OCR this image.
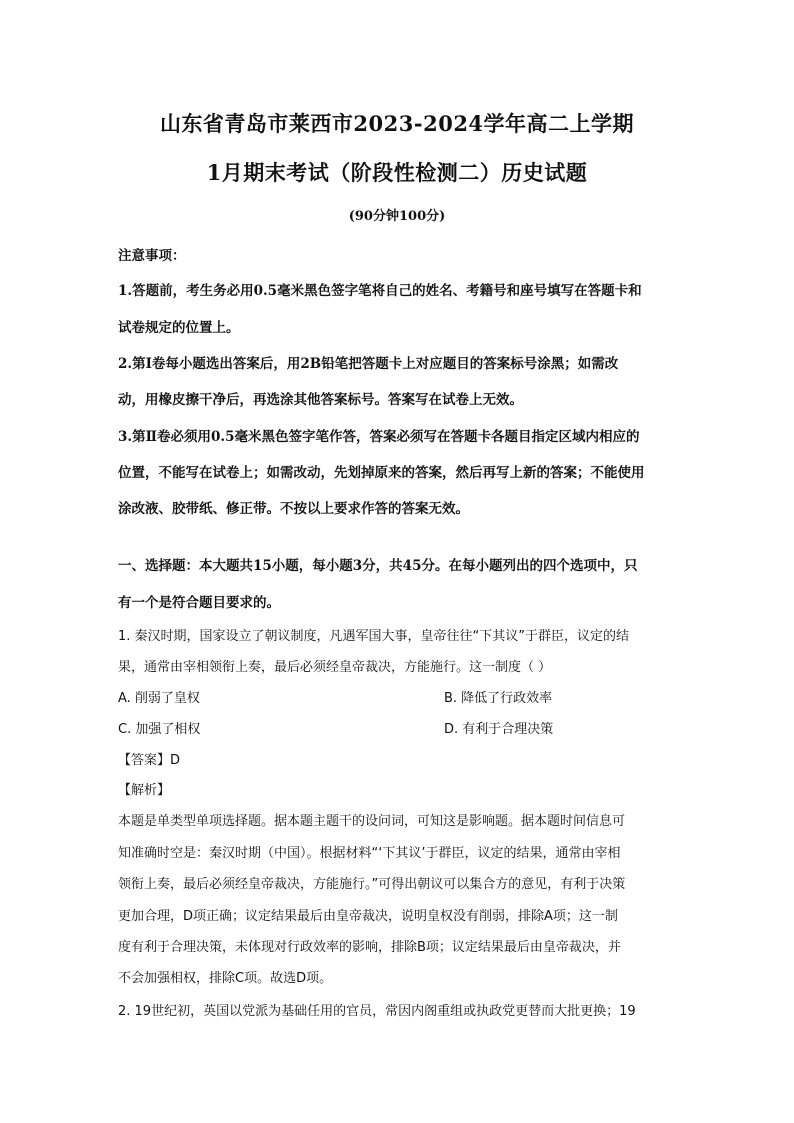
山东省青岛市莱西市2023-2024学年高二上学期
1月期末考试（阶段性检测二）历史试题
(90分钟100分)
注意事项：
1.答题前，考生务必用0.5毫米黑色签字笔将自己的姓名、考籍号和座号填写在答题卡和
试卷规定的位置上。
2.第Ⅰ卷每小题选出答案后，用2B铅笔把答题卡上对应题目的答案标号涂黑；如需改
动，用橡皮擦干净后，再选涂其他答案标号。答案写在试卷上无效。
3.第Ⅱ卷必须用0.5毫米黑色签字笔作答，答案必须写在答题卡各题目指定区域内相应的
位置，不能写在试卷上；如需改动，先划掉原来的答案，然后再写上新的答案；不能使用
涂改液、胶带纸、修正带。不按以上要求作答的答案无效。
一、选择题：本大题共15小题，每小题3分，共45分。在每小题列出的四个选项中，只
有一个是符合题目要求的。
1. 秦汉时期，国家设立了朝议制度，凡遇军国大事，皇帝往往“下其议”于群臣，议定的结
果，通常由宰相领衔上奏，最后必须经皇帝裁决，方能施行。这一制度（ ）
A. 削弱了皇权	B. 降低了行政效率
C. 加强了相权	D. 有利于合理决策
【答案】D
【解析】
本题是单类型单项选择题。据本题主题干的设问词，可知这是影响题。据本题时间信息可
知准确时空是：秦汉时期（中国）。根据材料“‘下其议’于群臣，议定的结果，通常由宰相
领衔上奏，最后必须经皇帝裁决，方能施行。”可得出朝议可以集合方的意见，有利于决策
更加合理，D项正确；议定结果最后由皇帝裁决，说明皇权没有削弱，排除A项；这一制
度有利于合理决策，未体现对行政效率的影响，排除B项；议定结果最后由皇帝裁决，并
不会加强相权，排除C项。故选D项。
2. 19世纪初，英国以党派为基础任用的官员，常因内阁重组或执政党更替而大批更换；19
